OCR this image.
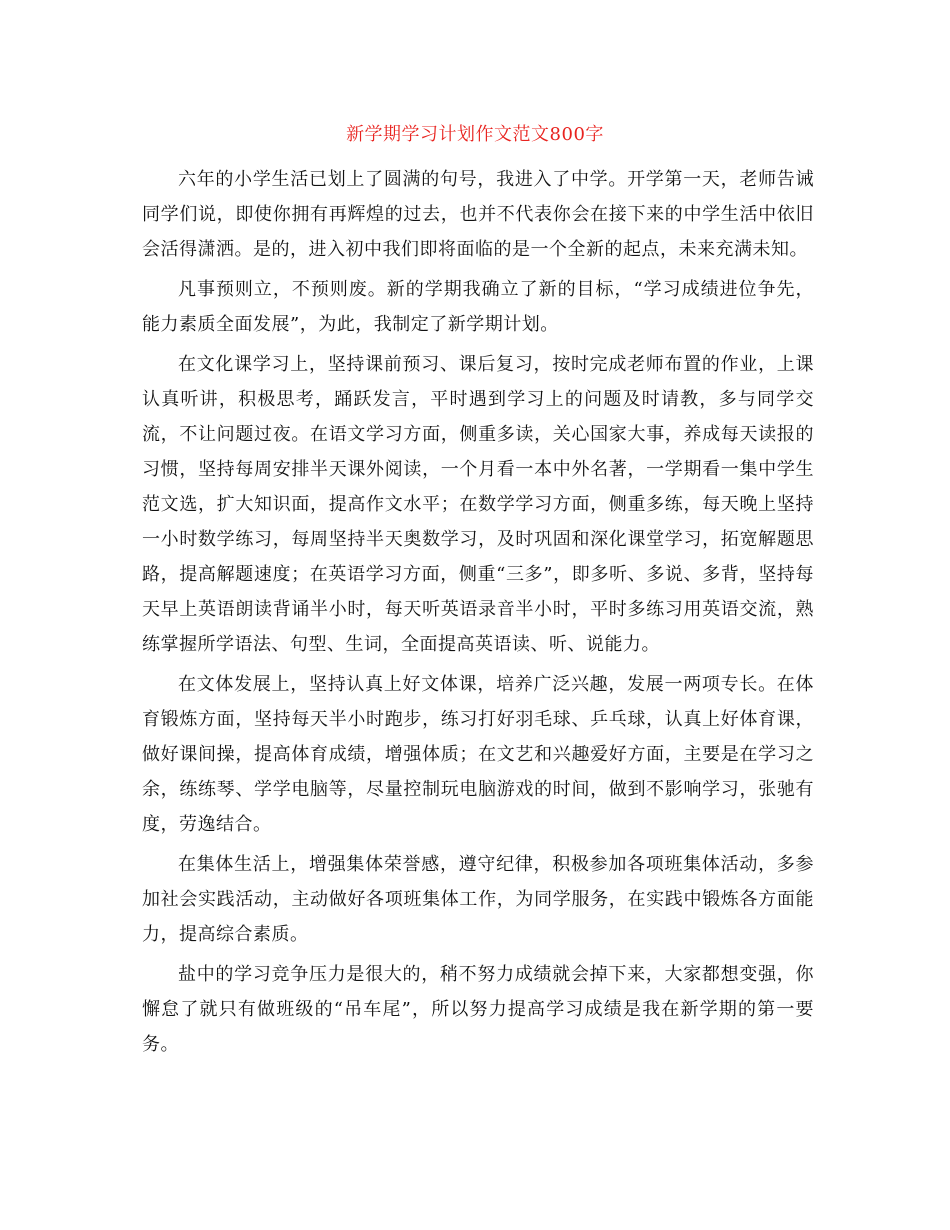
新学期学习计划作文范文800字

六年的小学生活已划上了圆满的句号，我进入了中学。开学第一天，老师告诫同学们说，即使你拥有再辉煌的过去，也并不代表你会在接下来的中学生活中依旧会活得潇洒。是的，进入初中我们即将面临的是一个全新的起点，未来充满未知。

凡事预则立，不预则废。新的学期我确立了新的目标，“学习成绩进位争先，能力素质全面发展”，为此，我制定了新学期计划。

在文化课学习上，坚持课前预习、课后复习，按时完成老师布置的作业，上课认真听讲，积极思考，踊跃发言，平时遇到学习上的问题及时请教，多与同学交流，不让问题过夜。在语文学习方面，侧重多读，关心国家大事，养成每天读报的习惯，坚持每周安排半天课外阅读，一个月看一本中外名著，一学期看一集中学生范文选，扩大知识面，提高作文水平；在数学学习方面，侧重多练，每天晚上坚持一小时数学练习，每周坚持半天奥数学习，及时巩固和深化课堂学习，拓宽解题思路，提高解题速度；在英语学习方面，侧重“三多”，即多听、多说、多背，坚持每天早上英语朗读背诵半小时，每天听英语录音半小时，平时多练习用英语交流，熟练掌握所学语法、句型、生词，全面提高英语读、听、说能力。

在文体发展上，坚持认真上好文体课，培养广泛兴趣，发展一两项专长。在体育锻炼方面，坚持每天半小时跑步，练习打好羽毛球、乒乓球，认真上好体育课，做好课间操，提高体育成绩，增强体质；在文艺和兴趣爱好方面，主要是在学习之余，练练琴、学学电脑等，尽量控制玩电脑游戏的时间，做到不影响学习，张驰有度，劳逸结合。

在集体生活上，增强集体荣誉感，遵守纪律，积极参加各项班集体活动，多参加社会实践活动，主动做好各项班集体工作，为同学服务，在实践中锻炼各方面能力，提高综合素质。

盐中的学习竞争压力是很大的，稍不努力成绩就会掉下来，大家都想变强，你懈怠了就只有做班级的“吊车尾”，所以努力提高学习成绩是我在新学期的第一要务。
